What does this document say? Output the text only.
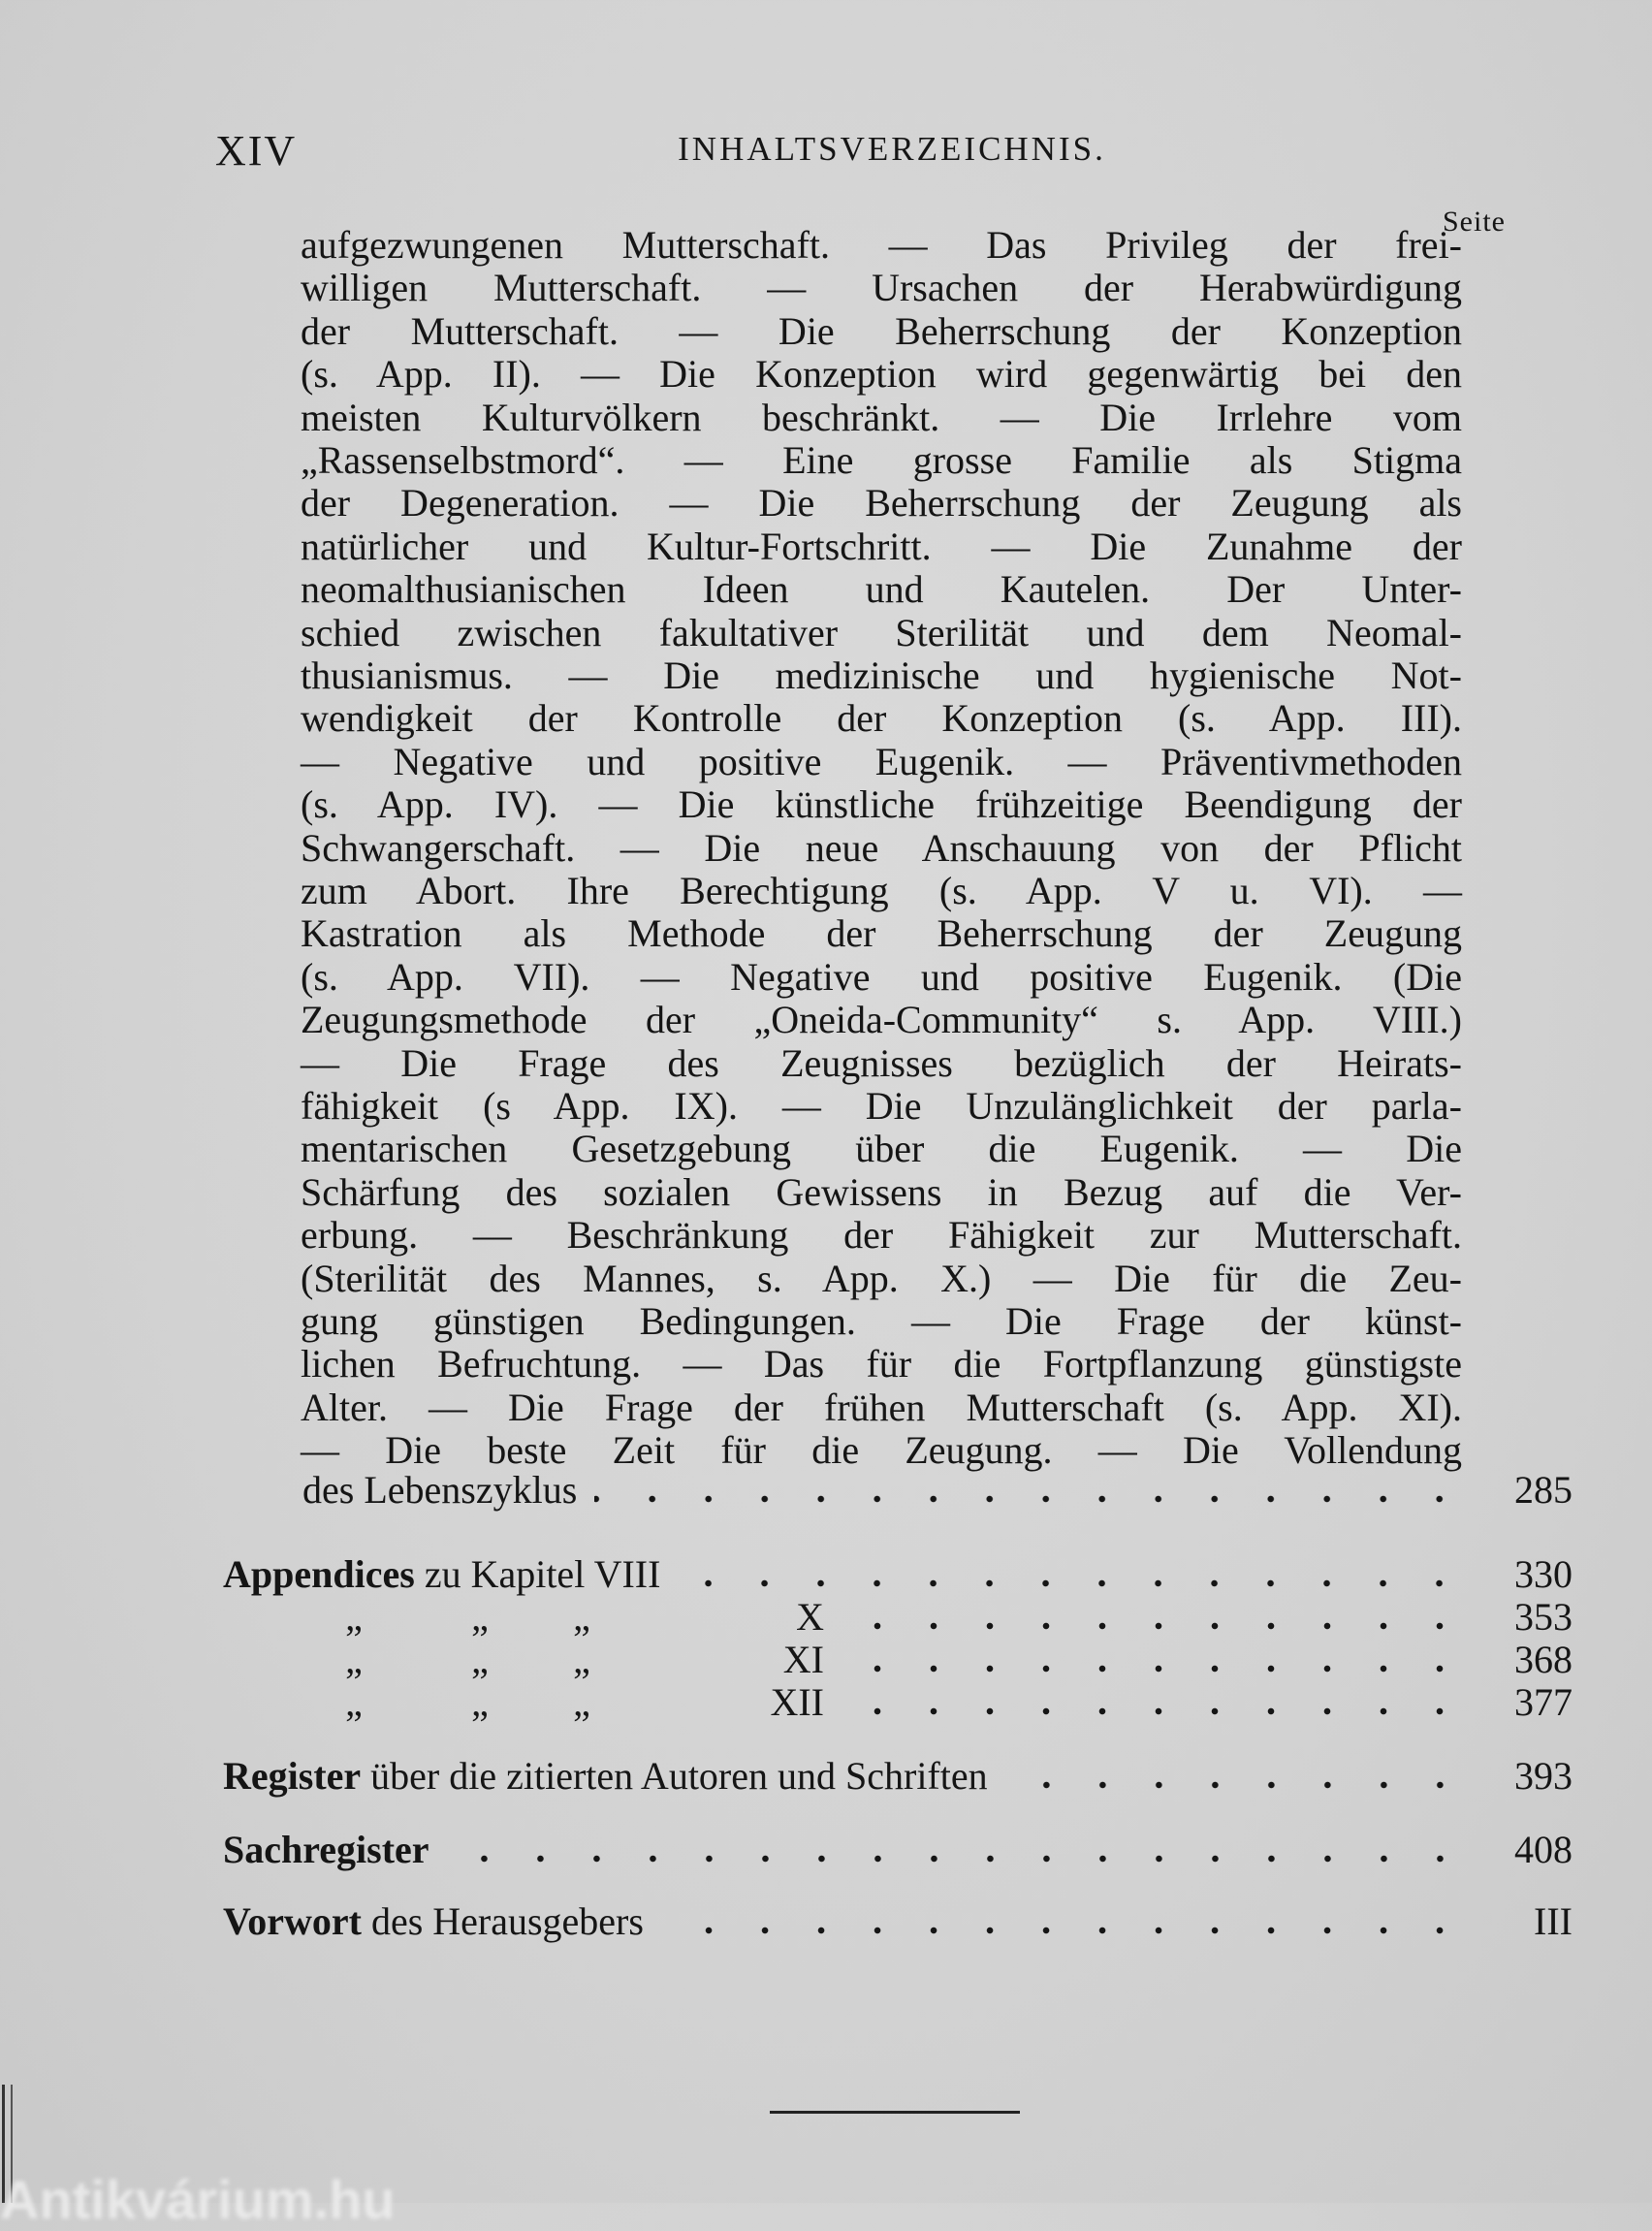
XIV	INHALTSVERZEICHNIS.
Seite
aufgezwungenen Mutterschaft. — Das Privileg der frei-
willigen Mutterschaft. — Ursachen der Herabwürdigung
der Mutterschaft. — Die Beherrschung der Konzeption
(s. App. II). — Die Konzeption wird gegenwärtig bei den
meisten Kulturvölkern beschränkt. — Die Irrlehre vom
„Rassenselbstmord“. — Eine grosse Familie als Stigma
der Degeneration. — Die Beherrschung der Zeugung als
natürlicher und Kultur-Fortschritt. — Die Zunahme der
neomalthusianischen Ideen und Kautelen. Der Unter-
schied zwischen fakultativer Sterilität und dem Neomal-
thusianismus. — Die medizinische und hygienische Not-
wendigkeit der Kontrolle der Konzeption (s. App. III).
— Negative und positive Eugenik. — Präventivmethoden
(s. App. IV). — Die künstliche frühzeitige Beendigung der
Schwangerschaft. — Die neue Anschauung von der Pflicht
zum Abort. Ihre Berechtigung (s. App. V u. VI). —
Kastration als Methode der Beherrschung der Zeugung
(s. App. VII). — Negative und positive Eugenik. (Die
Zeugungsmethode der „Oneida-Community“ s. App. VIII.)
— Die Frage des Zeugnisses bezüglich der Heirats-
fähigkeit (s App. IX). — Die Unzulänglichkeit der parla-
mentarischen Gesetzgebung über die Eugenik. — Die
Schärfung des sozialen Gewissens in Bezug auf die Ver-
erbung. — Beschränkung der Fähigkeit zur Mutterschaft.
(Sterilität des Mannes, s. App. X.) — Die für die Zeu-
gung günstigen Bedingungen. — Die Frage der künst-
lichen Befruchtung. — Das für die Fortpflanzung günstigste
Alter. — Die Frage der frühen Mutterschaft (s. App. XI).
— Die beste Zeit für die Zeugung. — Die Vollendung
des Lebenszyklus	285
Appendices zu Kapitel VIII	330
„	„ „	X	353
„	„ „	XI	368
„	„ „	XII	377
Register über die zitierten Autoren und Schriften	393
Sachregister	408
Vorwort des Herausgebers	III
Antikvárium.hu
